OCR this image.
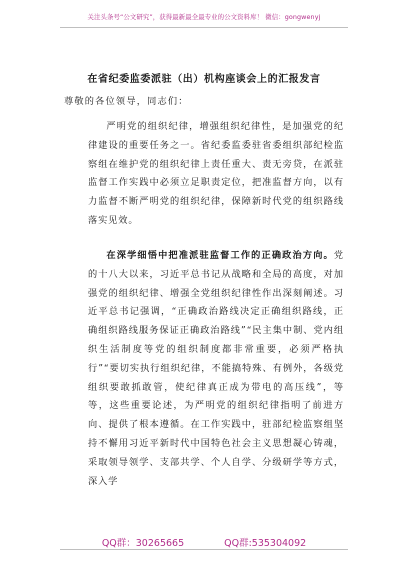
关注头条号“公文研究”，获得最新最全最专业的公文资料库！ 微信：gongwenyj
在省纪委监委派驻（出）机构座谈会上的汇报发言
尊敬的各位领导，同志们：

严明党的组织纪律，增强组织纪律性，是加强党的纪律建设的重要任务之一。省纪委监委驻省委组织部纪检监察组在维护党的组织纪律上责任重大、责无旁贷，在派驻监督工作实践中必须立足职责定位，把准监督方向，以有力监督不断严明党的组织纪律，保障新时代党的组织路线落实见效。

在深学细悟中把准派驻监督工作的正确政治方向。党的十八大以来，习近平总书记从战略和全局的高度，对加强党的组织纪律、增强全党组织纪律性作出深刻阐述。习近平总书记强调，“正确政治路线决定正确组织路线，正确组织路线服务保证正确政治路线”“民主集中制、党内组织生活制度等党的组织制度都非常重要，必须严格执行”“要切实执行组织纪律，不能搞特殊、有例外，各级党组织要敢抓敢管，使纪律真正成为带电的高压线”，等等，这些重要论述，为严明党的组织纪律指明了前进方向、提供了根本遵循。在工作实践中，驻部纪检监察组坚持不懈用习近平新时代中国特色社会主义思想凝心铸魂，采取领导领学、支部共学、个人自学、分级研学等方式，深入学

QQ群：30265665	QQ群:535304092
